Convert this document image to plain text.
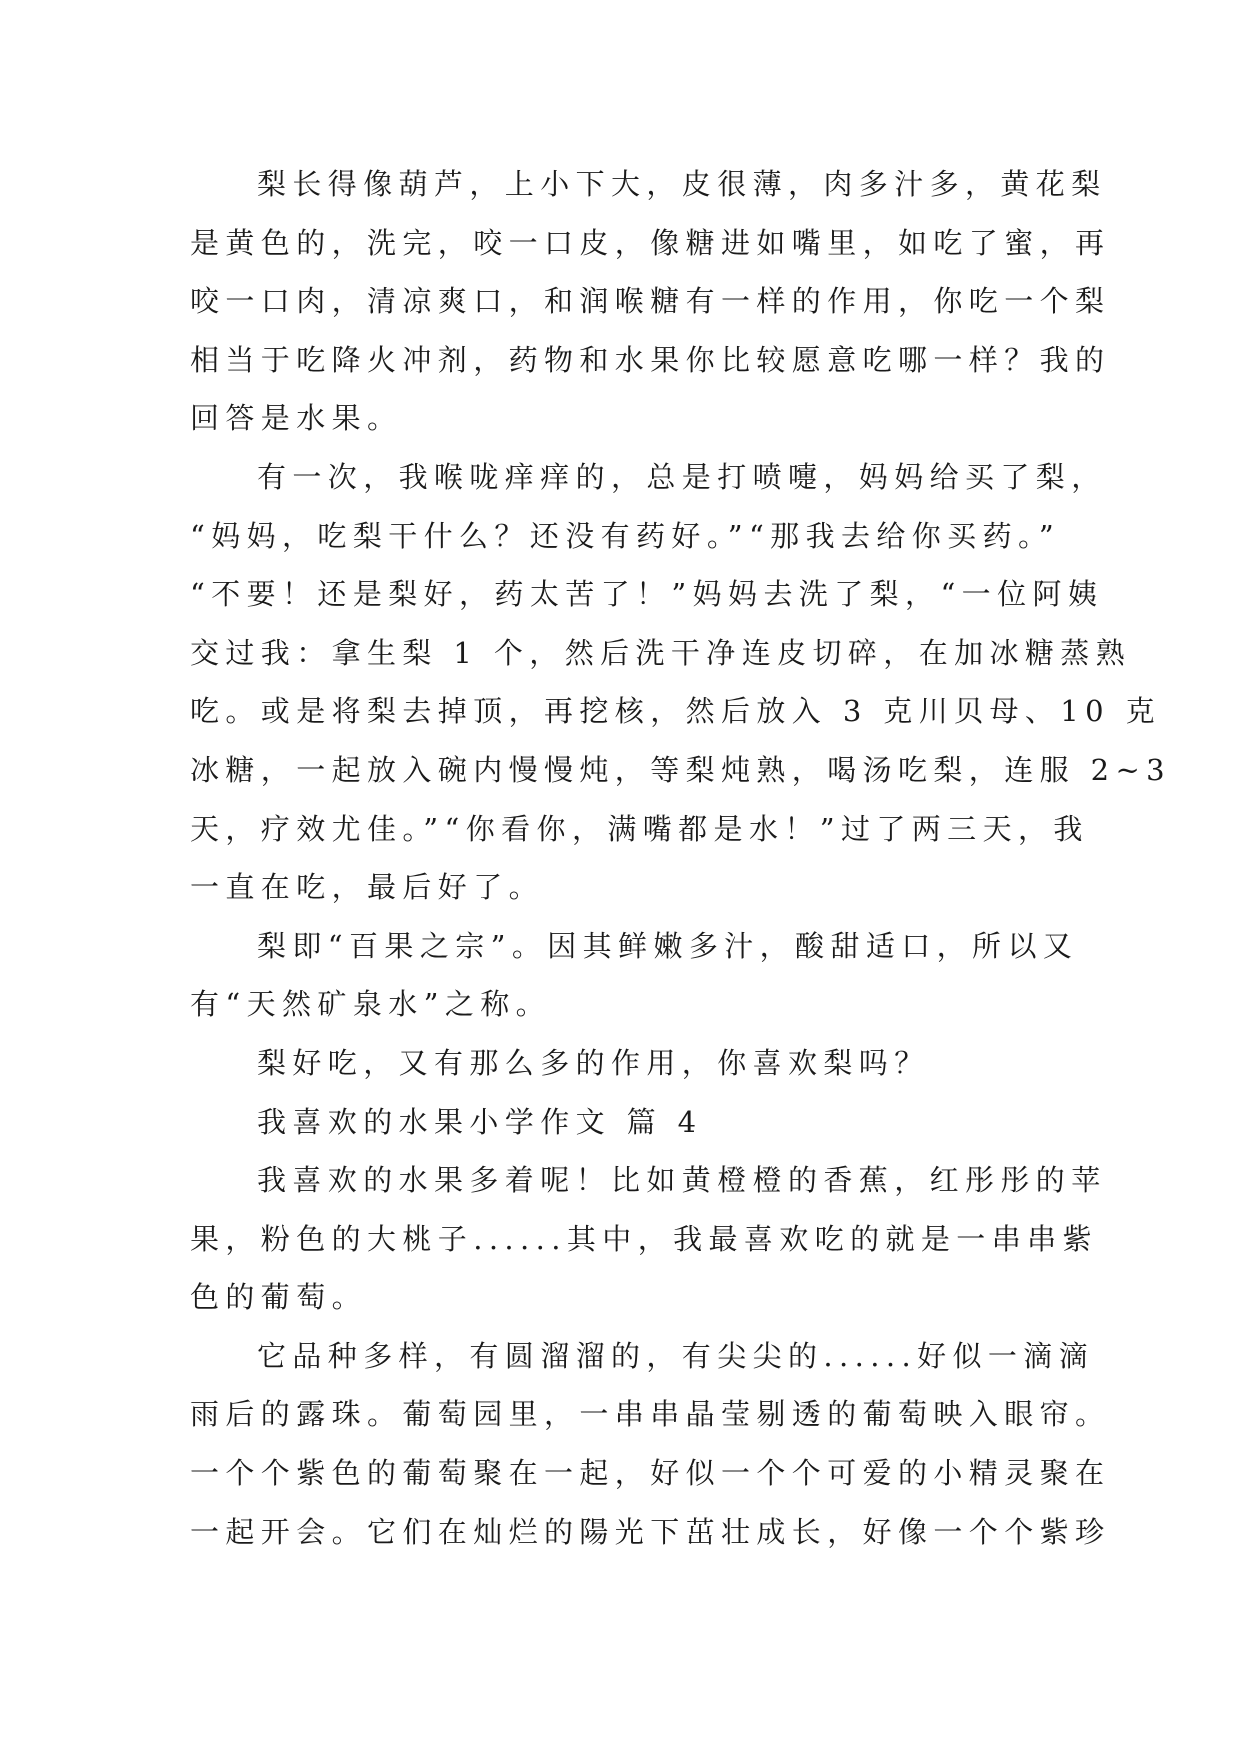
梨长得像葫芦，上小下大，皮很薄，肉多汁多，黄花梨
是黄色的，洗完，咬一口皮，像糖进如嘴里，如吃了蜜，再
咬一口肉，清凉爽口，和润喉糖有一样的作用，你吃一个梨
相当于吃降火冲剂，药物和水果你比较愿意吃哪一样？我的
回答是水果。
有一次，我喉咙痒痒的，总是打喷嚏，妈妈给买了梨，
“妈妈，吃梨干什么？还没有药好。”“那我去给你买药。”
“不要！还是梨好，药太苦了！”妈妈去洗了梨，“一位阿姨
交过我：拿生梨 1 个，然后洗干净连皮切碎，在加冰糖蒸熟
吃。或是将梨去掉顶，再挖核，然后放入 3 克川贝母、10 克
冰糖，一起放入碗内慢慢炖，等梨炖熟，喝汤吃梨，连服 2~3
天，疗效尤佳。”“你看你，满嘴都是水！”过了两三天，我
一直在吃，最后好了。
梨即“百果之宗”。因其鲜嫩多汁，酸甜适口，所以又
有“天然矿泉水”之称。
梨好吃，又有那么多的作用，你喜欢梨吗？
我喜欢的水果小学作文 篇 4
我喜欢的水果多着呢！比如黄橙橙的香蕉，红彤彤的苹
果，粉色的大桃子......其中，我最喜欢吃的就是一串串紫
色的葡萄。
它品种多样，有圆溜溜的，有尖尖的......好似一滴滴
雨后的露珠。葡萄园里，一串串晶莹剔透的葡萄映入眼帘。
一个个紫色的葡萄聚在一起，好似一个个可爱的小精灵聚在
一起开会。它们在灿烂的陽光下茁壮成长，好像一个个紫珍
